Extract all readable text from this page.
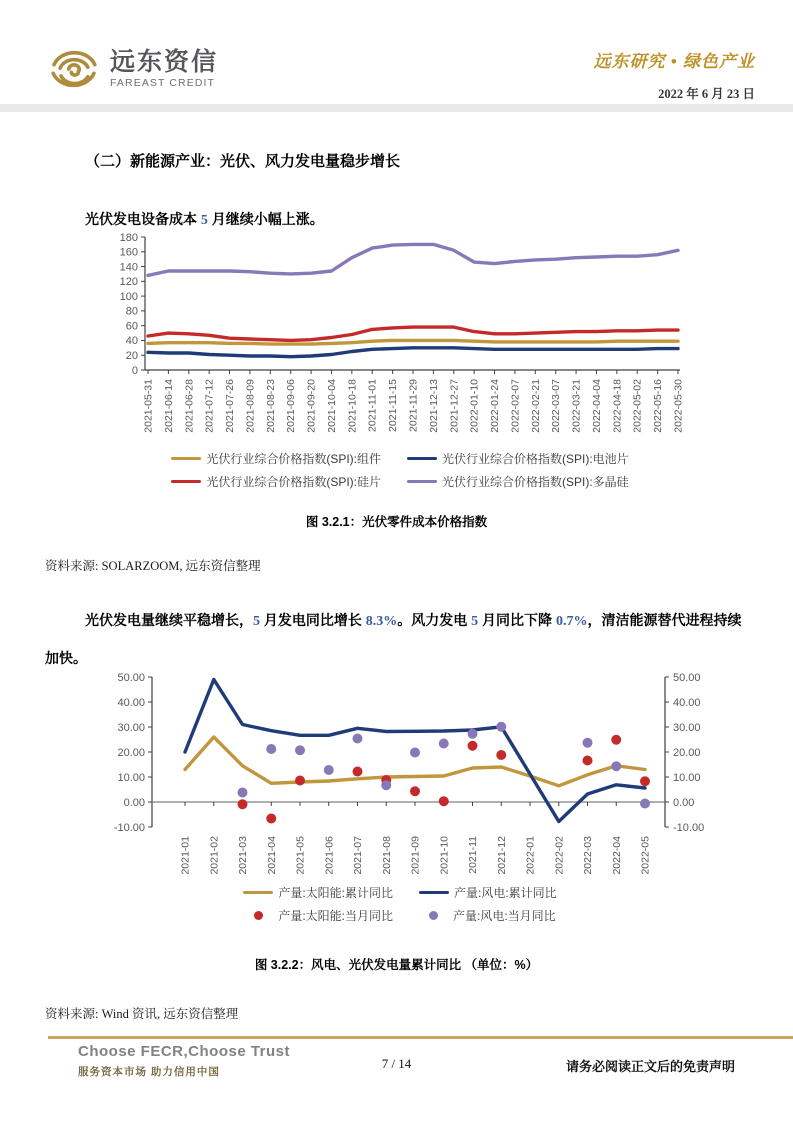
远东资信
FAREAST CREDIT
远东研究 • 绿色产业
2022 年 6 月 23 日
（二）新能源产业：光伏、风力发电量稳步增长

光伏发电设备成本 5 月继续小幅上涨。

0
20
40
60
80
100
120
140
160
180
2021-05-31 2021-06-14 2021-06-28 2021-07-12 2021-07-26 2021-08-09 2021-08-23 2021-09-06 2021-09-20 2021-10-04 2021-10-18 2021-11-01 2021-11-15 2021-11-29 2021-12-13 2021-12-27 2022-01-10 2022-01-24 2022-02-07 2022-02-21 2022-03-07 2022-03-21 2022-04-04 2022-04-18 2022-05-02 2022-05-16 2022-05-30
光伏行业综合价格指数(SPI):组件	光伏行业综合价格指数(SPI):电池片
光伏行业综合价格指数(SPI):硅片	光伏行业综合价格指数(SPI):多晶硅
图 3.2.1：光伏零件成本价格指数

资料来源: SOLARZOOM, 远东资信整理

光伏发电量继续平稳增长，5 月发电同比增长 8.3%。风力发电 5 月同比下降 0.7%，清洁能源替代进程持续加快。

-10.00
0.00
10.00
20.00
30.00
40.00
50.00
-10.00
0.00
10.00
20.00
30.00
40.00
50.00
2021-01 2021-02 2021-03 2021-04 2021-05 2021-06 2021-07 2021-08 2021-09 2021-10 2021-11 2021-12 2022-01 2022-02 2022-03 2022-04 2022-05
产量:太阳能:累计同比	产量:风电:累计同比
产量:太阳能:当月同比	产量:风电:当月同比
图 3.2.2：风电、光伏发电量累计同比 （单位：%）

资料来源: Wind 资讯, 远东资信整理

Choose FECR,Choose Trust
服务资本市场 助力信用中国
7 / 14	请务必阅读正文后的免责声明
